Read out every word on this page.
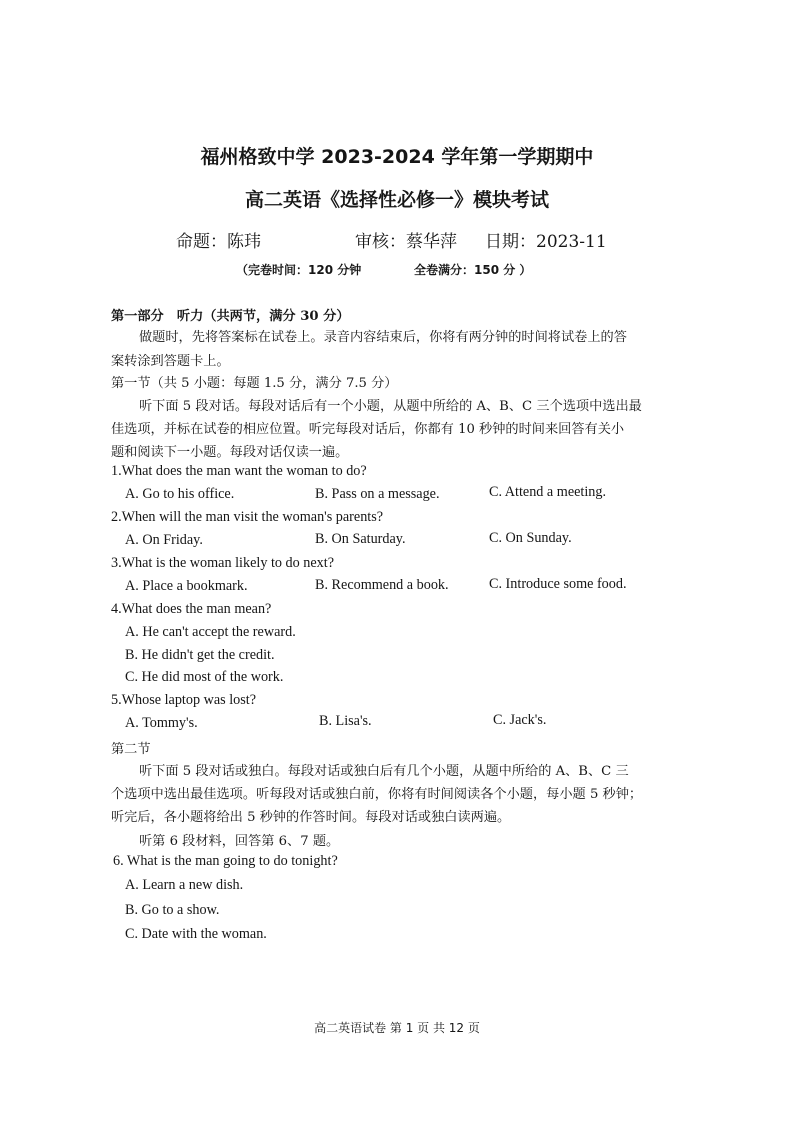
福州格致中学 2023-2024 学年第一学期期中
高二英语《选择性必修一》模块考试
命题：陈玮	审核：蔡华萍 日期：2023-11
（完卷时间：120 分钟	全卷满分：150 分 ）
第一部分　听力（共两节，满分 30 分）
做题时，先将答案标在试卷上。录音内容结束后，你将有两分钟的时间将试卷上的答
案转涂到答题卡上。
第一节（共 5 小题：每题 1.5 分，满分 7.5 分）
听下面 5 段对话。每段对话后有一个小题，从题中所给的 A、B、C 三个选项中选出最
佳选项，并标在试卷的相应位置。听完每段对话后，你都有 10 秒钟的时间来回答有关小
题和阅读下一小题。每段对话仅读一遍。
1.What does the man want the woman to do?
A. Go to his office.	B. Pass on a message.	C. Attend a meeting.
2.When will the man visit the woman's parents?
A. On Friday.	B. On Saturday.	C. On Sunday.
3.What is the woman likely to do next?
A. Place a bookmark.	B. Recommend a book.	C. Introduce some food.
4.What does the man mean?
A. He can't accept the reward.
B. He didn't get the credit.
C. He did most of the work.
5.Whose laptop was lost?
A. Tommy's.	B. Lisa's.	C. Jack's.
第二节
听下面 5 段对话或独白。每段对话或独白后有几个小题，从题中所给的 A、B、C 三
个选项中选出最佳选项。听每段对话或独白前，你将有时间阅读各个小题，每小题 5 秒钟；
听完后，各小题将给出 5 秒钟的作答时间。每段对话或独白读两遍。
听第 6 段材料，回答第 6、7 题。
6. What is the man going to do tonight?
A. Learn a new dish.
B. Go to a show.
C. Date with the woman.
高二英语试卷 第 1 页 共 12 页
